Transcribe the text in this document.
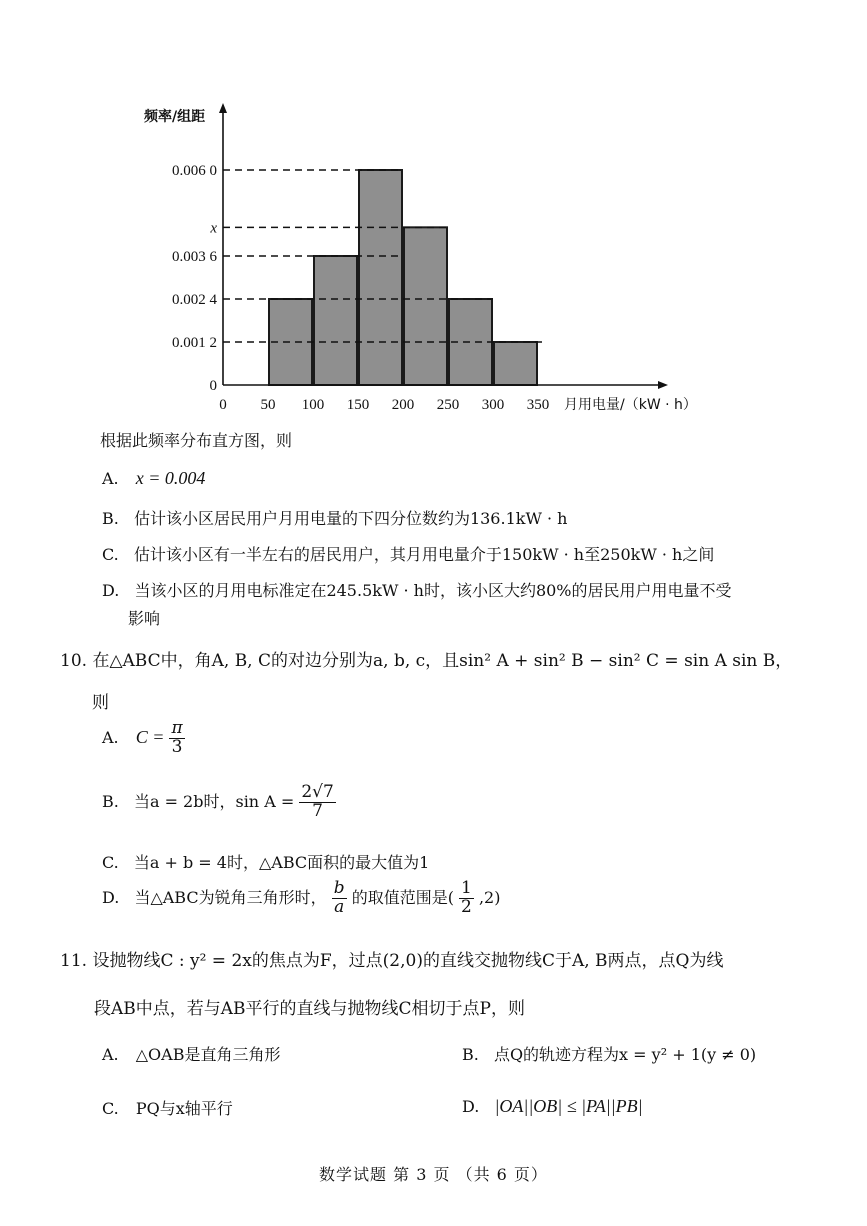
0 50 100 150 200 250 300 350
0
0.001 2
0.002 4
0.003 6
x
0.006 0
频率/组距
月用电量/（kW · h）
根据此频率分布直方图，则
A. x = 0.004
B. 估计该小区居民用户月用电量的下四分位数约为136.1kW · h
C. 估计该小区有一半左右的居民用户，其月用电量介于150kW · h至250kW · h之间
D. 当该小区的月用电标准定在245.5kW · h时，该小区大约80%的居民用户用电量不受
影响
10. 在△ABC中，角A, B, C的对边分别为a, b, c，且sin² A + sin² B − sin² C = sin A sin B，
则
A. $C = \frac{\pi}{3}$
B. 当a = 2b时，$\sin A = \frac{2√7}{7}$
C. 当a + b = 4时，△ABC面积的最大值为1
D. 当△ABC为锐角三角形时， $\frac{b}{a}$ 的取值范围是( $\frac{1}{2} ,2$)
11. 设抛物线C : y² = 2x的焦点为F，过点(2,0)的直线交抛物线C于A, B两点，点Q为线
段AB中点，若与AB平行的直线与抛物线C相切于点P，则
A. △OAB是直角三角形	B. 点Q的轨迹方程为x = y² + 1(y ≠ 0)
C. PQ与x轴平行	D. |OA||OB| ≤ |PA||PB|
数学试题 第 3 页 （共 6 页）
